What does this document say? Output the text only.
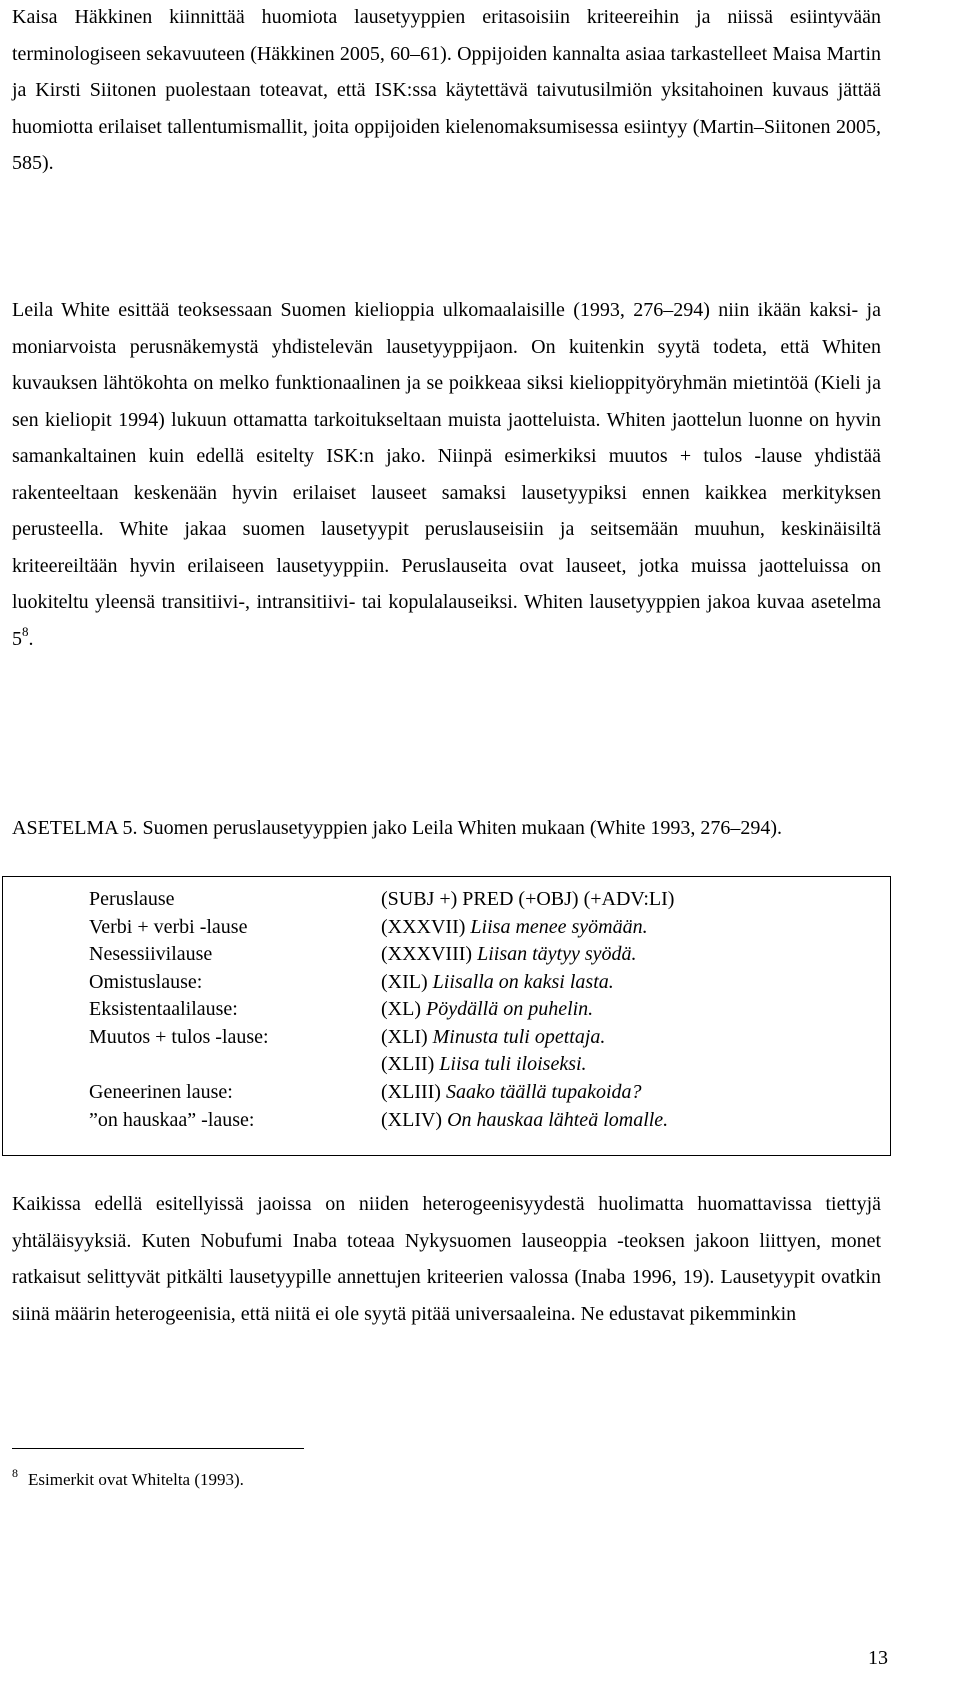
Kaisa Häkkinen kiinnittää huomiota lausetyyppien eritasoisiin kriteereihin ja niissä esiintyvään terminologiseen sekavuuteen (Häkkinen 2005, 60–61). Oppijoiden kannalta asiaa tarkastelleet Maisa Martin ja Kirsti Siitonen puolestaan toteavat, että ISK:ssa käytettävä taivutusilmiön yksitahoinen kuvaus jättää huomiotta erilaiset tallentumismallit, joita oppijoiden kielenomaksumisessa esiintyy (Martin–Siitonen 2005, 585).

Leila White esittää teoksessaan Suomen kielioppia ulkomaalaisille (1993, 276–294) niin ikään kaksi- ja moniarvoista perusnäkemystä yhdistelevän lausetyyppijaon. On kuitenkin syytä todeta, että Whiten kuvauksen lähtökohta on melko funktionaalinen ja se poikkeaa siksi kielioppityöryhmän mietintöä (Kieli ja sen kieliopit 1994) lukuun ottamatta tarkoitukseltaan muista jaotteluista. Whiten jaottelun luonne on hyvin samankaltainen kuin edellä esitelty ISK:n jako. Niinpä esimerkiksi muutos + tulos -lause yhdistää rakenteeltaan keskenään hyvin erilaiset lauseet samaksi lausetyypiksi ennen kaikkea merkityksen perusteella. White jakaa suomen lausetyypit peruslauseisiin ja seitsemään muuhun, keskinäisiltä kriteereiltään hyvin erilaiseen lausetyyppiin. Peruslauseita ovat lauseet, jotka muissa jaotteluissa on luokiteltu yleensä transitiivi-, intransitiivi- tai kopulalauseiksi. Whiten lausetyyppien jakoa kuvaa asetelma 5$^8$.

ASETELMA 5. Suomen peruslausetyyppien jako Leila Whiten mukaan (White 1993, 276–294).

Peruslause	(SUBJ +) PRED (+OBJ) (+ADV:LI)
Verbi + verbi -lause	(XXXVII) Liisa menee syömään.
Nesessiivilause	(XXXVIII) Liisan täytyy syödä.
Omistuslause:	(XIL) Liisalla on kaksi lasta.
Eksistentaalilause:	(XL) Pöydällä on puhelin.
Muutos + tulos -lause:	(XLI) Minusta tuli opettaja.
(XLII) Liisa tuli iloiseksi.
Geneerinen lause:	(XLIII) Saako täällä tupakoida?
”on hauskaa” -lause:	(XLIV) On hauskaa lähteä lomalle.

Kaikissa edellä esitellyissä jaoissa on niiden heterogeenisyydestä huolimatta huomattavissa tiettyjä yhtäläisyyksiä. Kuten Nobufumi Inaba toteaa Nykysuomen lauseoppia -teoksen jakoon liittyen, monet ratkaisut selittyvät pitkälti lausetyypille annettujen kriteerien valossa (Inaba 1996, 19). Lausetyypit ovatkin siinä määrin heterogeenisia, että niitä ei ole syytä pitää universaaleina. Ne edustavat pikemminkin

$^8$ Esimerkit ovat Whitelta (1993).
13
